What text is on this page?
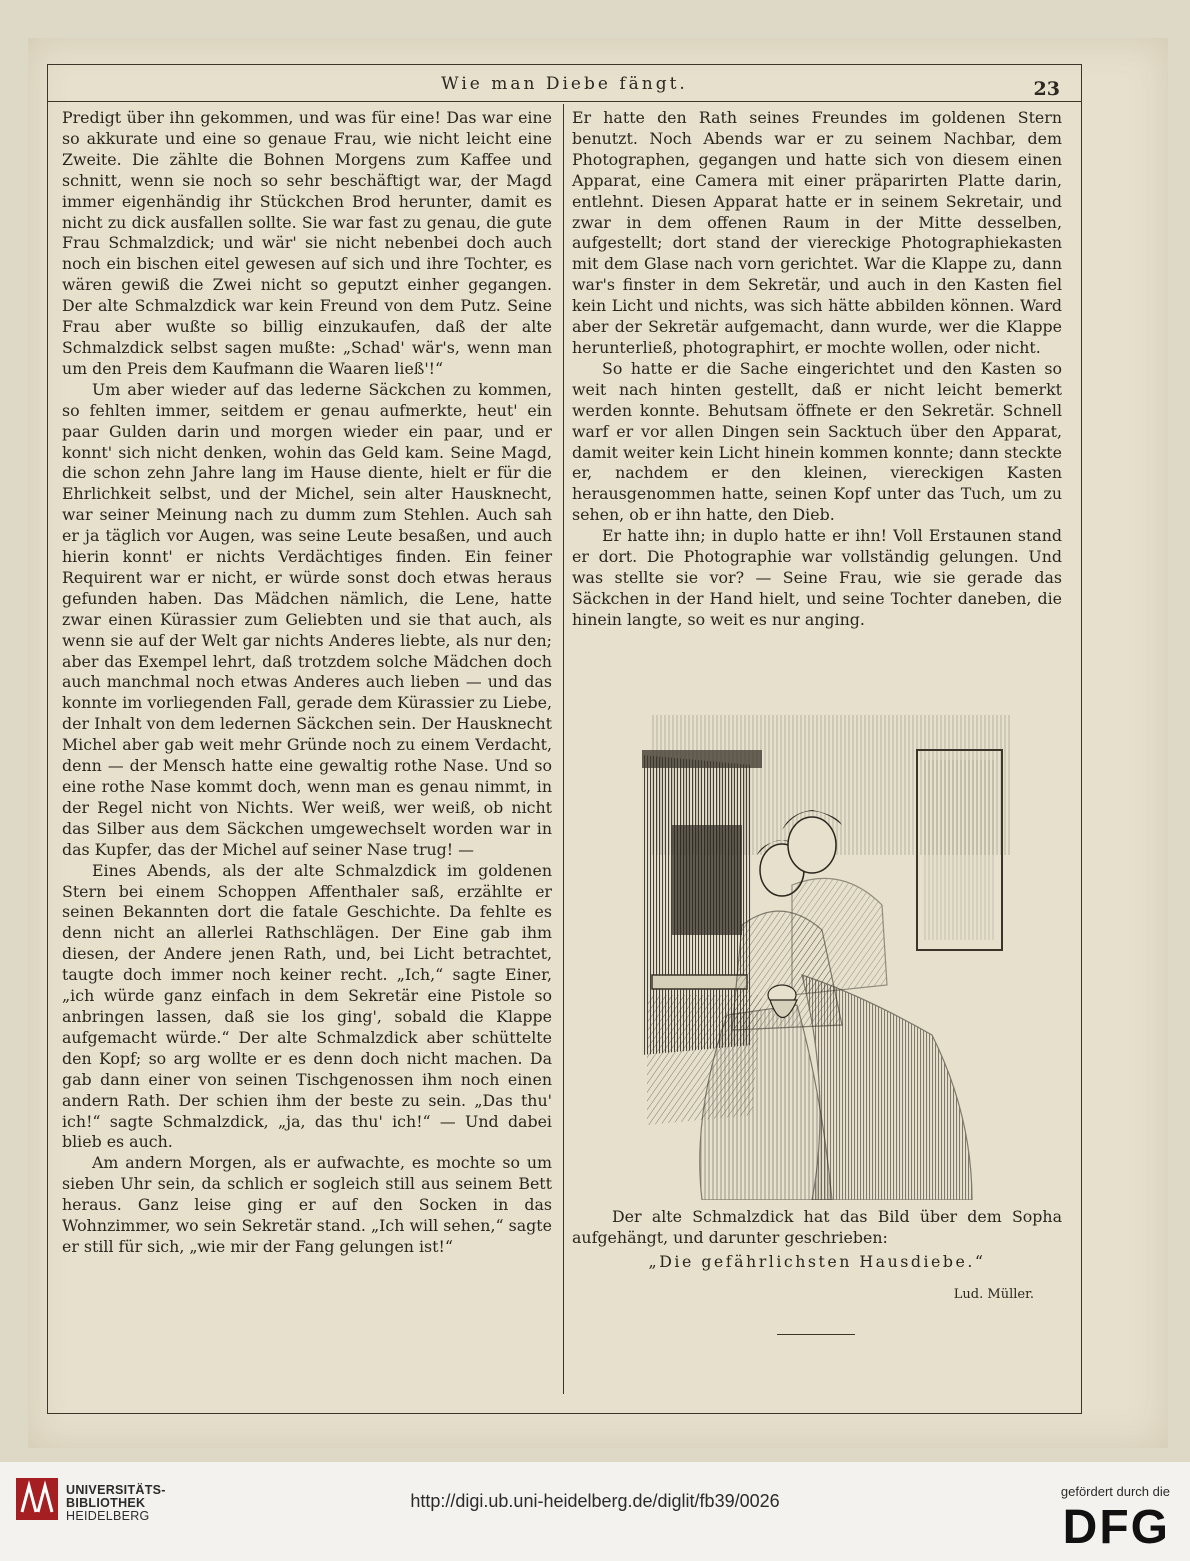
Wie man Diebe fängt.	23

Predigt über ihn gekommen, und was für eine! Das war eine so akkurate und eine so genaue Frau, wie nicht leicht eine Zweite. Die zählte die Bohnen Morgens zum Kaffee und schnitt, wenn sie noch so sehr beschäftigt war, der Magd immer eigenhändig ihr Stückchen Brod herunter, damit es nicht zu dick ausfallen sollte. Sie war fast zu genau, die gute Frau Schmalzdick; und wär' sie nicht nebenbei doch auch noch ein bischen eitel gewesen auf sich und ihre Tochter, es wären gewiß die Zwei nicht so geputzt einher gegangen. Der alte Schmalzdick war kein Freund von dem Putz. Seine Frau aber wußte so billig einzukaufen, daß der alte Schmalzdick selbst sagen mußte: „Schad' wär's, wenn man um den Preis dem Kaufmann die Waaren ließ'!“

Um aber wieder auf das lederne Säckchen zu kommen, so fehlten immer, seitdem er genau aufmerkte, heut' ein paar Gulden darin und morgen wieder ein paar, und er konnt' sich nicht denken, wohin das Geld kam. Seine Magd, die schon zehn Jahre lang im Hause diente, hielt er für die Ehrlichkeit selbst, und der Michel, sein alter Hausknecht, war seiner Meinung nach zu dumm zum Stehlen. Auch sah er ja täglich vor Augen, was seine Leute besaßen, und auch hierin konnt' er nichts Verdächtiges finden. Ein feiner Requirent war er nicht, er würde sonst doch etwas heraus gefunden haben. Das Mädchen nämlich, die Lene, hatte zwar einen Kürassier zum Geliebten und sie that auch, als wenn sie auf der Welt gar nichts Anderes liebte, als nur den; aber das Exempel lehrt, daß trotzdem solche Mädchen doch auch manchmal noch etwas Anderes auch lieben — und das konnte im vorliegenden Fall, gerade dem Kürassier zu Liebe, der Inhalt von dem ledernen Säckchen sein. Der Hausknecht Michel aber gab weit mehr Gründe noch zu einem Verdacht, denn — der Mensch hatte eine gewaltig rothe Nase. Und so eine rothe Nase kommt doch, wenn man es genau nimmt, in der Regel nicht von Nichts. Wer weiß, wer weiß, ob nicht das Silber aus dem Säckchen umgewechselt worden war in das Kupfer, das der Michel auf seiner Nase trug! —

Eines Abends, als der alte Schmalzdick im goldenen Stern bei einem Schoppen Affenthaler saß, erzählte er seinen Bekannten dort die fatale Geschichte. Da fehlte es denn nicht an allerlei Rathschlägen. Der Eine gab ihm diesen, der Andere jenen Rath, und, bei Licht betrachtet, taugte doch immer noch keiner recht. „Ich,“ sagte Einer, „ich würde ganz einfach in dem Sekretär eine Pistole so anbringen lassen, daß sie los ging', sobald die Klappe aufgemacht würde.“ Der alte Schmalzdick aber schüttelte den Kopf; so arg wollte er es denn doch nicht machen. Da gab dann einer von seinen Tischgenossen ihm noch einen andern Rath. Der schien ihm der beste zu sein. „Das thu' ich!“ sagte Schmalzdick, „ja, das thu' ich!“ — Und dabei blieb es auch.

Am andern Morgen, als er aufwachte, es mochte so um sieben Uhr sein, da schlich er sogleich still aus seinem Bett heraus. Ganz leise ging er auf den Socken in das Wohnzimmer, wo sein Sekretär stand. „Ich will sehen,“ sagte er still für sich, „wie mir der Fang gelungen ist!“

Er hatte den Rath seines Freundes im goldenen Stern benutzt. Noch Abends war er zu seinem Nachbar, dem Photographen, gegangen und hatte sich von diesem einen Apparat, eine Camera mit einer präparirten Platte darin, entlehnt. Diesen Apparat hatte er in seinem Sekretair, und zwar in dem offenen Raum in der Mitte desselben, aufgestellt; dort stand der viereckige Photographiekasten mit dem Glase nach vorn gerichtet. War die Klappe zu, dann war's finster in dem Sekretär, und auch in den Kasten fiel kein Licht und nichts, was sich hätte abbilden können. Ward aber der Sekretär aufgemacht, dann wurde, wer die Klappe herunterließ, photographirt, er mochte wollen, oder nicht.

So hatte er die Sache eingerichtet und den Kasten so weit nach hinten gestellt, daß er nicht leicht bemerkt werden konnte. Behutsam öffnete er den Sekretär. Schnell warf er vor allen Dingen sein Sacktuch über den Apparat, damit weiter kein Licht hinein kommen konnte; dann steckte er, nachdem er den kleinen, viereckigen Kasten herausgenommen hatte, seinen Kopf unter das Tuch, um zu sehen, ob er ihn hatte, den Dieb.

Er hatte ihn; in duplo hatte er ihn! Voll Erstaunen stand er dort. Die Photographie war vollständig gelungen. Und was stellte sie vor? — Seine Frau, wie sie gerade das Säckchen in der Hand hielt, und seine Tochter daneben, die hinein langte, so weit es nur anging.

Der alte Schmalzdick hat das Bild über dem Sopha aufgehängt, und darunter geschrieben:

„Die gefährlichsten Hausdiebe.“
Lud. Müller.
UNIVERSITÄTS-
BIBLIOTHEK
HEIDELBERG
http://digi.ub.uni-heidelberg.de/diglit/fb39/0026	gefördert durch die
DFG
